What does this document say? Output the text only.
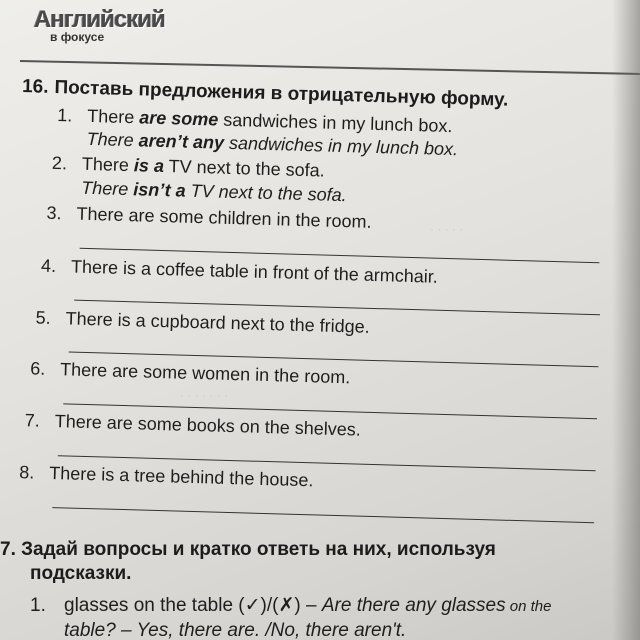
· · · · ·
· · · · · · ·
Английский
в фокусе
16. Поставь предложения в отрицательную форму.
1. There are some sandwiches in my lunch box.
There aren’t any sandwiches in my lunch box.
2. There is a TV next to the sofa.
There isn’t a TV next to the sofa.
3. There are some children in the room.
4. There is a coffee table in front of the armchair.
5. There is a cupboard next to the fridge.
6. There are some women in the room.
7. There are some books on the shelves.
8. There is a tree behind the house.
7. Задай вопросы и кратко ответь на них, используя
подсказки.
1. glasses on the table (✓)/(✗) – Are there any glasses on the
table? – Yes, there are. /No, there aren't.
